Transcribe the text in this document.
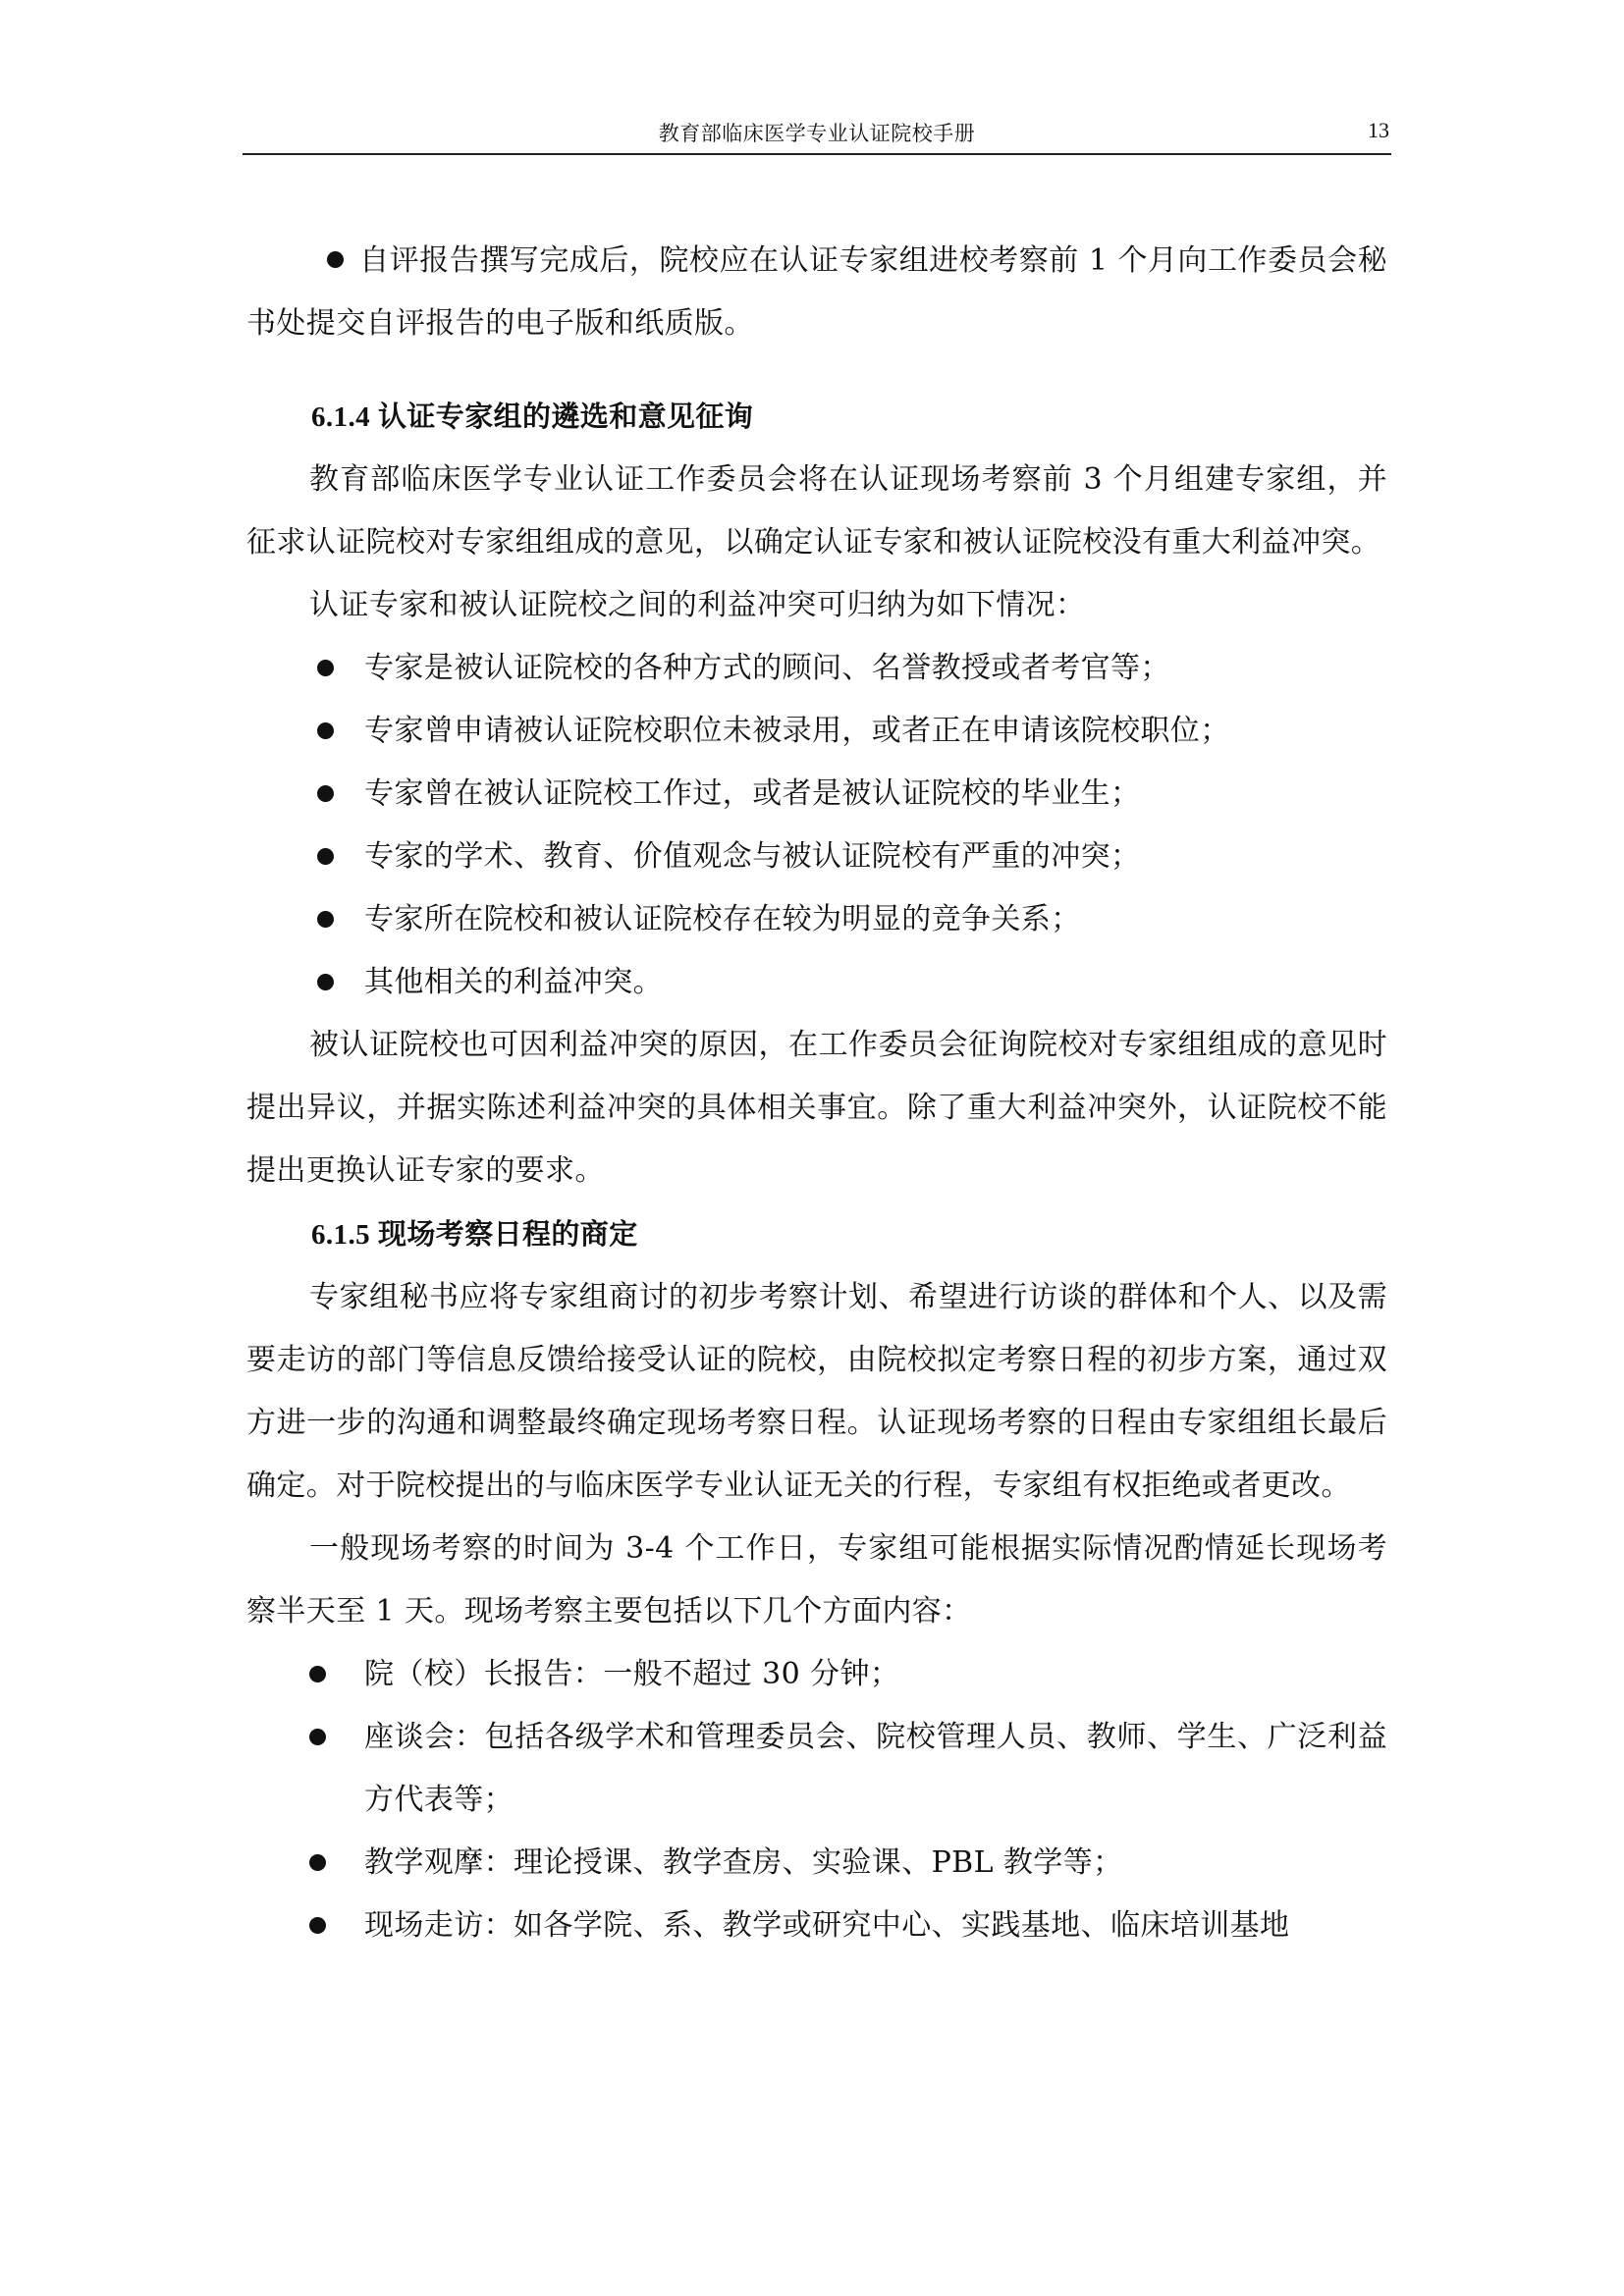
教育部临床医学专业认证院校手册	13

自评报告撰写完成后，院校应在认证专家组进校考察前 1 个月向工作委员会秘书处提交自评报告的电子版和纸质版。

6.1.4 认证专家组的遴选和意见征询

教育部临床医学专业认证工作委员会将在认证现场考察前 3 个月组建专家组，并征求认证院校对专家组组成的意见，以确定认证专家和被认证院校没有重大利益冲突。

认证专家和被认证院校之间的利益冲突可归纳为如下情况：

专家是被认证院校的各种方式的顾问、名誉教授或者考官等；
专家曾申请被认证院校职位未被录用，或者正在申请该院校职位；
专家曾在被认证院校工作过，或者是被认证院校的毕业生；
专家的学术、教育、价值观念与被认证院校有严重的冲突；
专家所在院校和被认证院校存在较为明显的竞争关系；
其他相关的利益冲突。

被认证院校也可因利益冲突的原因，在工作委员会征询院校对专家组组成的意见时提出异议，并据实陈述利益冲突的具体相关事宜。除了重大利益冲突外，认证院校不能提出更换认证专家的要求。

6.1.5 现场考察日程的商定

专家组秘书应将专家组商讨的初步考察计划、希望进行访谈的群体和个人、以及需要走访的部门等信息反馈给接受认证的院校，由院校拟定考察日程的初步方案，通过双方进一步的沟通和调整最终确定现场考察日程。认证现场考察的日程由专家组组长最后确定。对于院校提出的与临床医学专业认证无关的行程，专家组有权拒绝或者更改。

一般现场考察的时间为 3-4 个工作日，专家组可能根据实际情况酌情延长现场考察半天至 1 天。现场考察主要包括以下几个方面内容：

院（校）长报告：一般不超过 30 分钟；
座谈会：包括各级学术和管理委员会、院校管理人员、教师、学生、广泛利益方代表等；
教学观摩：理论授课、教学查房、实验课、PBL 教学等；
现场走访：如各学院、系、教学或研究中心、实践基地、临床培训基地
